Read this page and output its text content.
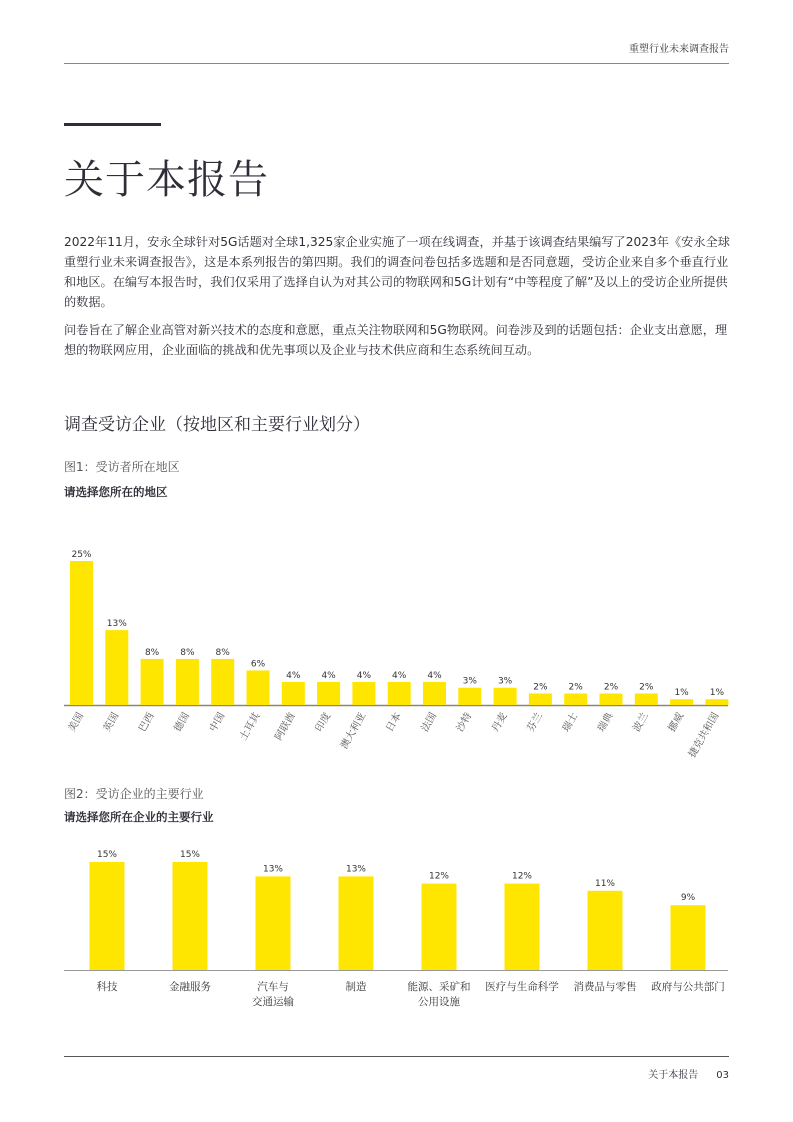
重塑行业未来调查报告
关于本报告

2022年11月，安永全球针对5G话题对全球1,325家企业实施了一项在线调查，并基于该调查结果编写了2023年《安永全球重塑行业未来调查报告》，这是本系列报告的第四期。我们的调查问卷包括多选题和是否同意题，受访企业来自多个垂直行业和地区。在编写本报告时，我们仅采用了选择自认为对其公司的物联网和5G计划有“中等程度了解”及以上的受访企业所提供的数据。

问卷旨在了解企业高管对新兴技术的态度和意愿，重点关注物联网和5G物联网。问卷涉及到的话题包括：企业支出意愿，理想的物联网应用，企业面临的挑战和优先事项以及企业与技术供应商和生态系统间互动。

调查受访企业（按地区和主要行业划分）
图1：受访者所在地区
请选择您所在的地区
图2：受访企业的主要行业
请选择您所在企业的主要行业
25%
美国
13%
英国
8%
巴西
8%
德国
8%
中国
6%
土耳其
4%
阿联酋
4%
印度
4%
澳大利亚
4%
日本
4%
法国
3%
沙特
3%
丹麦
2%
芬兰
2%
瑞士
2%
瑞典
2%
波兰
1%
挪威
1%
捷克共和国
15%
科技
15%
金融服务
13%
汽车与
交通运输
13%
制造
12%
能源、采矿和
公用设施
12%
医疗与生命科学
11%
消费品与零售
9%
政府与公共部门
关于本报告 03
